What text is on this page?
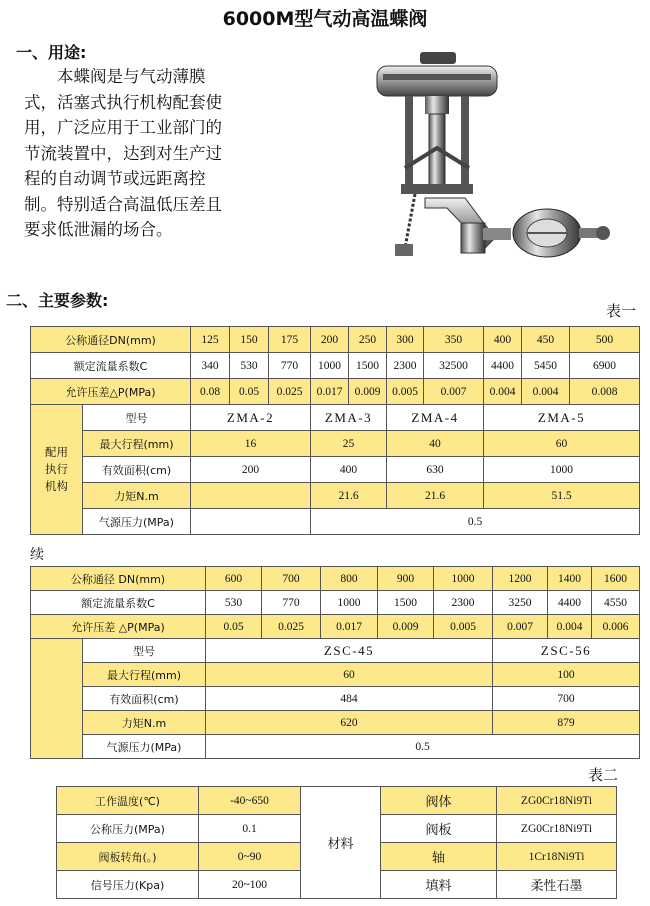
6000M型气动高温蝶阀
一、用途:

本蝶阀是与气动薄膜式，活塞式执行机构配套使用，广泛应用于工业部门的节流装置中，达到对生产过程的自动调节或远距离控制。特别适合高温低压差且要求低泄漏的场合。

二、主要参数:
表一
公称通径DN(mm)		125	150	175	200	250	300	350	400	450	500
额定流量系数C		340	530	770	1000	1500	2300	32500	4400	5450	6900
允许压差△P(MPa)		0.08	0.05	0.025	0.017	0.009	0.005	0.007	0.004	0.004	0.008
配用执行机构	型号	ZMA-2			ZMA-3		ZMA-4		ZMA-5		
	最大行程(mm)	16			25		40		60		
	有效面积(cm)	200			400		630		1000		
	力矩N.m				21.6		21.6		51.5		
	气源压力(MPa)				0.5						
续
公称通径 DN(mm)		600	700	800	900	1000	1200	1400	1600
额定流量系数C		530	770	1000	1500	2300	3250	4400	4550
允许压差 △P(MPa)		0.05	0.025	0.017	0.009	0.005	0.007	0.004	0.006
	型号	ZSC-45					ZSC-56		
	最大行程(mm)	60					100		
	有效面积(cm)	484					700		
	力矩N.m	620					879		
	气源压力(MPa)	0.5							
表二
工作温度(℃)	-40~650	材料	阀体	ZG0Cr18Ni9Ti
公称压力(MPa)	0.1		阀板	ZG0Cr18Ni9Ti
阀板转角(。)	0~90		轴	1Cr18Ni9Ti
信号压力(Kpa)	20~100		填料	柔性石墨
